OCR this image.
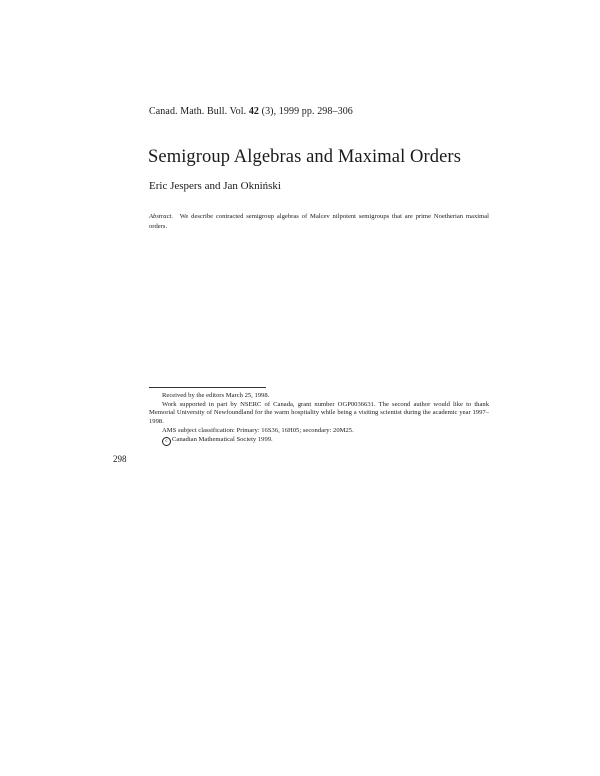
Canad. Math. Bull. Vol. 42 (3), 1999 pp. 298–306
Semigroup Algebras and Maximal Orders
Eric Jespers and Jan Okniński
Abstract. We describe contracted semigroup algebras of Malcev nilpotent semigroups that are prime Noetherian maximal orders.

Received by the editors March 25, 1998.

Work supported in part by NSERC of Canada, grant number OGP0036631. The second author would like to thank Memorial University of Newfoundland for the warm hospitality while being a visiting scientist during the academic year 1997–1998.

AMS subject classification: Primary: 16S36, 16H05; secondary: 20M25.

c Canadian Mathematical Society 1999.

298
